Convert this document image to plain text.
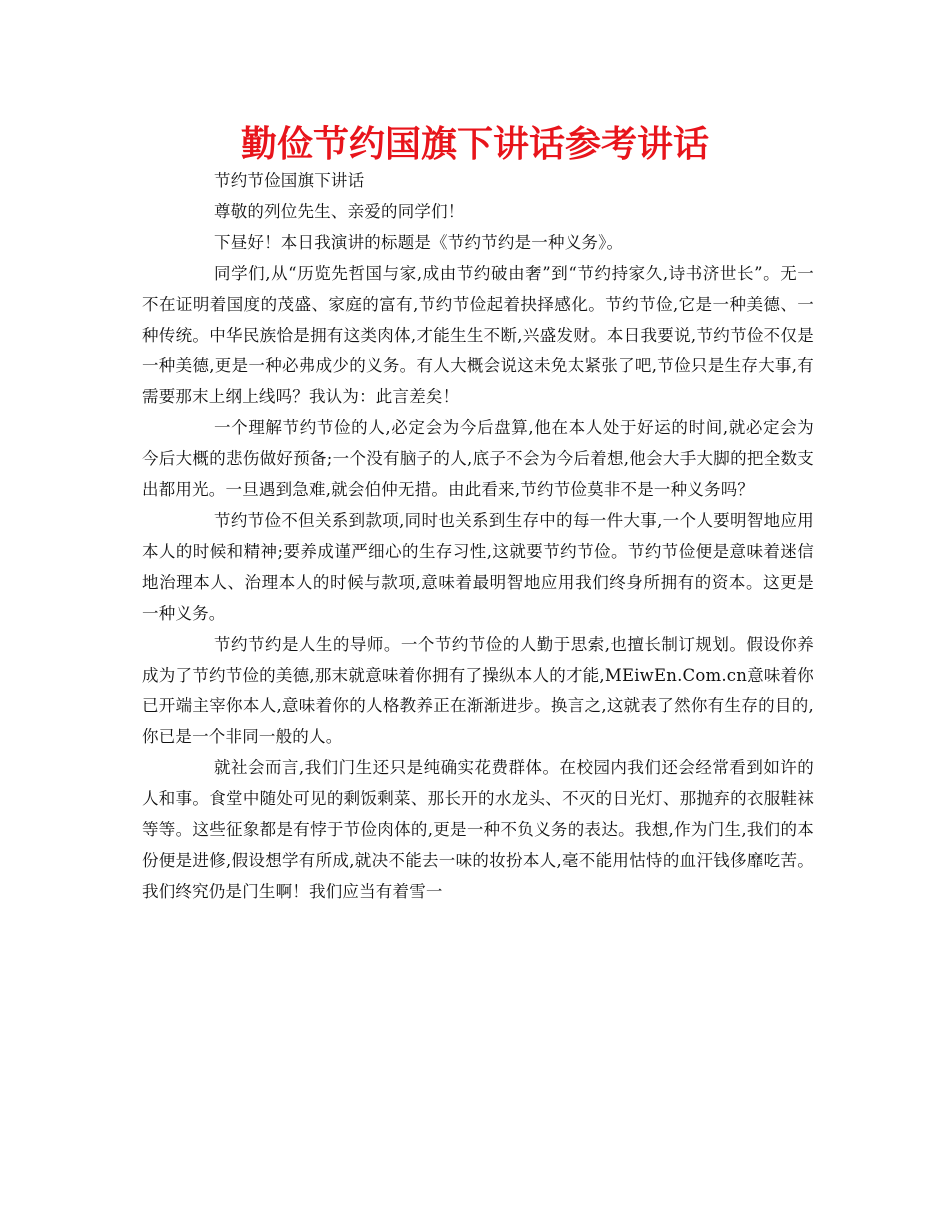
勤俭节约国旗下讲话参考讲话

节约节俭国旗下讲话

尊敬的列位先生、亲爱的同学们！

下昼好！本日我演讲的标题是《节约节约是一种义务》。

同学们,从“历览先哲国与家,成由节约破由奢”到“节约持家久,诗书济世长”。无一不在证明着国度的茂盛、家庭的富有,节约节俭起着抉择感化。节约节俭,它是一种美德、一种传统。中华民族恰是拥有这类肉体,才能生生不断,兴盛发财。本日我要说,节约节俭不仅是一种美德,更是一种必弗成少的义务。有人大概会说这未免太紧张了吧,节俭只是生存大事,有需要那末上纲上线吗？我认为：此言差矣！

一个理解节约节俭的人,必定会为今后盘算,他在本人处于好运的时间,就必定会为今后大概的悲伤做好预备;一个没有脑子的人,底子不会为今后着想,他会大手大脚的把全数支出都用光。一旦遇到急难,就会伯仲无措。由此看来,节约节俭莫非不是一种义务吗？

节约节俭不但关系到款项,同时也关系到生存中的每一件大事,一个人要明智地应用本人的时候和精神;要养成谨严细心的生存习性,这就要节约节俭。节约节俭便是意味着迷信地治理本人、治理本人的时候与款项,意味着最明智地应用我们终身所拥有的资本。这更是一种义务。

节约节约是人生的导师。一个节约节俭的人勤于思索,也擅长制订规划。假设你养成为了节约节俭的美德,那末就意味着你拥有了操纵本人的才能,MEiwEn.Com.cn意味着你已开端主宰你本人,意味着你的人格教养正在渐渐进步。换言之,这就表了然你有生存的目的,你已是一个非同一般的人。

就社会而言,我们门生还只是纯确实花费群体。在校园内我们还会经常看到如许的人和事。食堂中随处可见的剩饭剩菜、那长开的水龙头、不灭的日光灯、那抛弃的衣服鞋袜等等。这些征象都是有悖于节俭肉体的,更是一种不负义务的表达。我想,作为门生,我们的本份便是进修,假设想学有所成,就决不能去一味的妆扮本人,毫不能用怙恃的血汗钱侈靡吃苦。我们终究仍是门生啊！我们应当有着雪一
